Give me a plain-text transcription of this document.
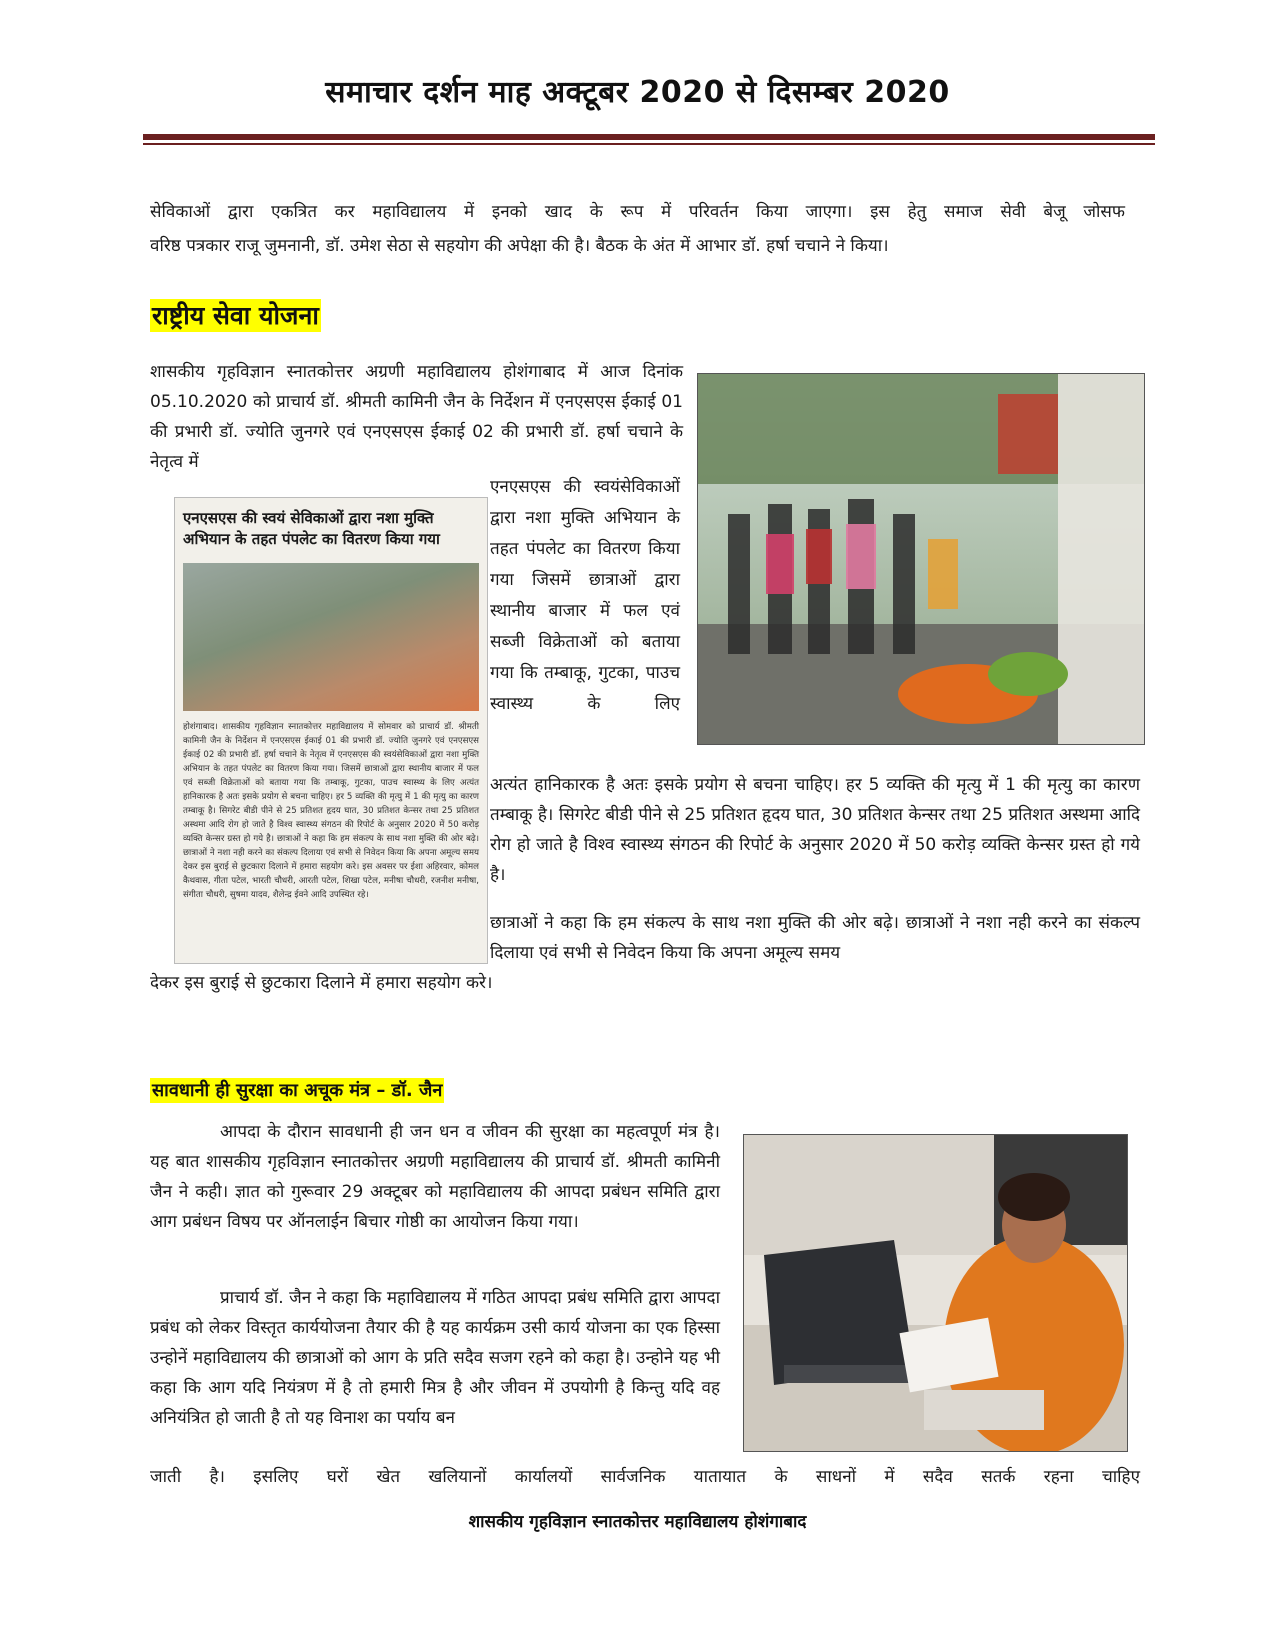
समाचार दर्शन माह अक्टूबर 2020 से दिसम्बर 2020

सेविकाओं द्वारा एकत्रित कर महाविद्यालय में इनको खाद के रूप में परिवर्तन किया जाएगा। इस हेतु समाज सेवी बेजू जोसफ

वरिष्ठ पत्रकार राजू जुमनानी, डॉ. उमेश सेठा से सहयोग की अपेक्षा की है। बैठक के अंत में आभार डॉ. हर्षा चचाने ने किया।

राष्ट्रीय सेवा योजना
शासकीय गृहविज्ञान स्नातकोत्तर अग्रणी महाविद्यालय होशंगाबाद में आज दिनांक 05.10.2020 को प्राचार्य डॉ. श्रीमती कामिनी जैन के निर्देशन में एनएसएस ईकाई 01 की प्रभारी डॉ. ज्योति जुनगरे एवं एनएसएस ईकाई 02 की प्रभारी डॉ. हर्षा चचाने के नेतृत्व में
एनएसएस की स्वयं सेविकाओं द्वारा नशा मुक्ति अभियान के तहत पंपलेट का वितरण किया गया
होशंगाबाद। शासकीय गृहविज्ञान स्नातकोत्तर महाविद्यालय में सोमवार को प्राचार्य डॉ. श्रीमती कामिनी जैन के निर्देशन में एनएसएस ईकाई 01 की प्रभारी डॉ. ज्योति जुनगरे एवं एनएसएस ईकाई 02 की प्रभारी डॉ. हर्षा चचाने के नेतृत्व में एनएसएस की स्वयंसेविकाओं द्वारा नशा मुक्ति अभियान के तहत पंपलेट का वितरण किया गया। जिसमें छात्राओं द्वारा स्थानीय बाजार में फल एवं सब्जी विक्रेताओं को बताया गया कि तम्बाकू, गुटका, पाउच स्वास्थ्य के लिए अत्यंत हानिकारक है अतः इसके प्रयोग से बचना चाहिए। हर 5 व्यक्ति की मृत्यु में 1 की मृत्यु का कारण तम्बाकू है। सिगरेट बीडी पीने से 25 प्रतिशत हृदय घात, 30 प्रतिशत केन्सर तथा 25 प्रतिशत अस्थमा आदि रोग हो जाते है विश्व स्वास्थ्य संगठन की रिपोर्ट के अनुसार 2020 में 50 करोड़ व्यक्ति केन्सर ग्रस्त हो गये है। छात्राओं ने कहा कि हम संकल्प के साथ नशा मुक्ति की ओर बढ़े। छात्राओं ने नशा नही करने का संकल्प दिलाया एवं सभी से निवेदन किया कि अपना अमूल्य समय देकर इस बुराई से छुटकारा दिलाने में हमारा सहयोग करे। इस अवसर पर ईशा अहिरवार, कोमल कैथवास, गीता पटेल, भारती चौधरी, आरती पटेल, शिखा पटेल, मनीषा चौधरी, रजनीश मनीषा, संगीता चौधरी, सुषमा यादव, शैलेन्द्र ईवने आदि उपस्थित रहे।
एनएसएस की स्वयंसेविकाओं द्वारा नशा मुक्ति अभियान के तहत पंपलेट का वितरण किया गया जिसमें छात्राओं द्वारा स्थानीय बाजार में फल एवं सब्जी विक्रेताओं को बताया गया कि तम्बाकू, गुटका, पाउच स्वास्थ्य के लिए
अत्यंत हानिकारक है अतः इसके प्रयोग से बचना चाहिए। हर 5 व्यक्ति की मृत्यु में 1 की मृत्यु का कारण तम्बाकू है। सिगरेट बीडी पीने से 25 प्रतिशत हृदय घात, 30 प्रतिशत केन्सर तथा 25 प्रतिशत अस्थमा आदि रोग हो जाते है विश्व स्वास्थ्य संगठन की रिपोर्ट के अनुसार 2020 में 50 करोड़ व्यक्ति केन्सर ग्रस्त हो गये है।
छात्राओं ने कहा कि हम संकल्प के साथ नशा मुक्ति की ओर बढ़े। छात्राओं ने नशा नही करने का संकल्प दिलाया एवं सभी से निवेदन किया कि अपना अमूल्य समय
देकर इस बुराई से छुटकारा दिलाने में हमारा सहयोग करे।
सावधानी ही सुरक्षा का अचूक मंत्र – डॉ. जैन
आपदा के दौरान सावधानी ही जन धन व जीवन की सुरक्षा का महत्वपूर्ण मंत्र है। यह बात शासकीय गृहविज्ञान स्नातकोत्तर अग्रणी महाविद्यालय की प्राचार्य डॉ. श्रीमती कामिनी जैन ने कही। ज्ञात को गुरूवार 29 अक्टूबर को महाविद्यालय की आपदा प्रबंधन समिति द्वारा आग प्रबंधन विषय पर ऑनलाईन बिचार गोष्ठी का आयोजन किया गया।
प्राचार्य डॉ. जैन ने कहा कि महाविद्यालय में गठित आपदा प्रबंध समिति द्वारा आपदा प्रबंध को लेकर विस्तृत कार्ययोजना तैयार की है यह कार्यक्रम उसी कार्य योजना का एक हिस्सा उन्होनें महाविद्यालय की छात्राओं को आग के प्रति सदैव सजग रहने को कहा है। उन्होने यह भी कहा कि आग यदि नियंत्रण में है तो हमारी मित्र है और जीवन में उपयोगी है किन्तु यदि वह अनियंत्रित हो जाती है तो यह विनाश का पर्याय बन
जाती है। इसलिए घरों खेत खलियानों कार्यालयों सार्वजनिक यातायात के साधनों में सदैव सतर्क रहना चाहिए
शासकीय गृहविज्ञान स्नातकोत्तर महाविद्यालय होशंगाबाद
